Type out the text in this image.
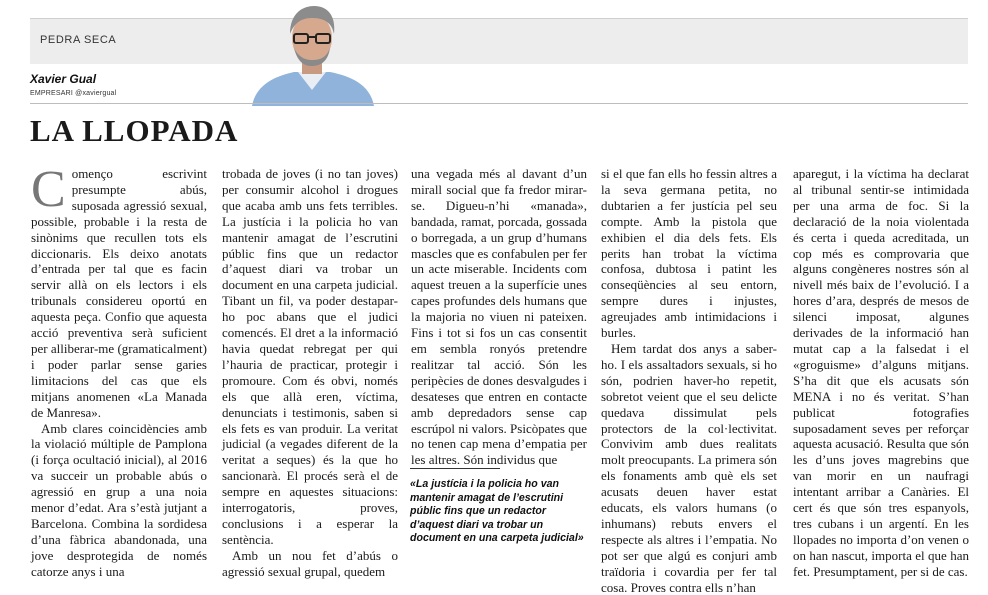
PEDRA SECA
Xavier Gual
EMPRESARI @xaviergual
LA LLOPADA

Començo escrivint presumpte abús, suposada agressió sexual, possible, probable i la resta de sinònims que recullen tots els diccionaris. Els deixo anotats d’entrada per tal que es facin servir allà on els lectors i els tribunals considereu oportú en aquesta peça. Confio que aquesta acció preventiva serà suficient per alliberar-me (gramaticalment) i poder parlar sense garies limitacions del cas que els mitjans anomenen «La Manada de Manresa».

Amb clares coincidències amb la violació múltiple de Pamplona (i força ocultació inicial), al 2016 va succeir un probable abús o agressió en grup a una noia menor d’edat. Ara s’està jutjant a Barcelona. Combina la sordidesa d’una fàbrica abandonada, una jove desprotegida de només catorze anys i una

trobada de joves (i no tan joves) per consumir alcohol i drogues que acaba amb uns fets terribles. La justícia i la policia ho van mantenir amagat de l’escrutini públic fins que un redactor d’aquest diari va trobar un document en una carpeta judicial. Tibant un fil, va poder destapar-ho poc abans que el judici comencés. El dret a la informació havia quedat rebregat per qui l’hauria de practicar, protegir i promoure. Com és obvi, només els que allà eren, víctima, denunciats i testimonis, saben si els fets es van produir. La veritat judicial (a vegades diferent de la veritat a seques) és la que ho sancionarà. El procés serà el de sempre en aquestes situacions: interrogatoris, proves, conclusions i a esperar la sentència.

Amb un nou fet d’abús o agressió sexual grupal, quedem

una vegada més al davant d’un mirall social que fa fredor mirar-se. Digueu-n’hi «manada», bandada, ramat, porcada, gossada o borregada, a un grup d’humans mascles que es confabulen per fer un acte miserable. Incidents com aquest treuen a la superfície unes capes profundes dels humans que la majoria no viuen ni pateixen. Fins i tot si fos un cas consentit em sembla ronyós pretendre realitzar tal acció. Són les peripècies de dones desvalgudes i desateses que entren en contacte amb depredadors sense cap escrúpol ni valors. Psicòpates que no tenen cap mena d’empatia per les altres. Són individus que

«La justícia i la policia ho van mantenir amagat de l’escrutini públic fins que un redactor d’aquest diari va trobar un document en una carpeta judicial»

si el que fan ells ho fessin altres a la seva germana petita, no dubtarien a fer justícia pel seu compte. Amb la pistola que exhibien el dia dels fets. Els perits han trobat la víctima confosa, dubtosa i patint les conseqüències al seu entorn, sempre dures i injustes, agreujades amb intimidacions i burles.

Hem tardat dos anys a saber-ho. I els assaltadors sexuals, si ho són, podrien haver-ho repetit, sobretot veient que el seu delicte quedava dissimulat pels protectors de la col·lectivitat. Convivim amb dues realitats molt preocupants. La primera són els fonaments amb què els set acusats deuen haver estat educats, els valors humans (o inhumans) rebuts envers el respecte als altres i l’empatia. No pot ser que algú es conjuri amb traïdoria i covardia per fer tal cosa. Proves contra ells n’han

aparegut, i la víctima ha declarat al tribunal sentir-se intimidada per una arma de foc. Si la declaració de la noia violentada és certa i queda acreditada, un cop més es comprovaria que alguns congèneres nostres són al nivell més baix de l’evolució. I a hores d’ara, després de mesos de silenci imposat, algunes derivades de la informació han mutat cap a la falsedat i el «groguisme» d’alguns mitjans. S’ha dit que els acusats són MENA i no és veritat. S’han publicat fotografies suposadament seves per reforçar aquesta acusació. Resulta que són les d’uns joves magrebins que van morir en un naufragi intentant arribar a Canàries. El cert és que són tres espanyols, tres cubans i un argentí. En les llopades no importa d’on venen o on han nascut, importa el que han fet. Presumptament, per si de cas.
